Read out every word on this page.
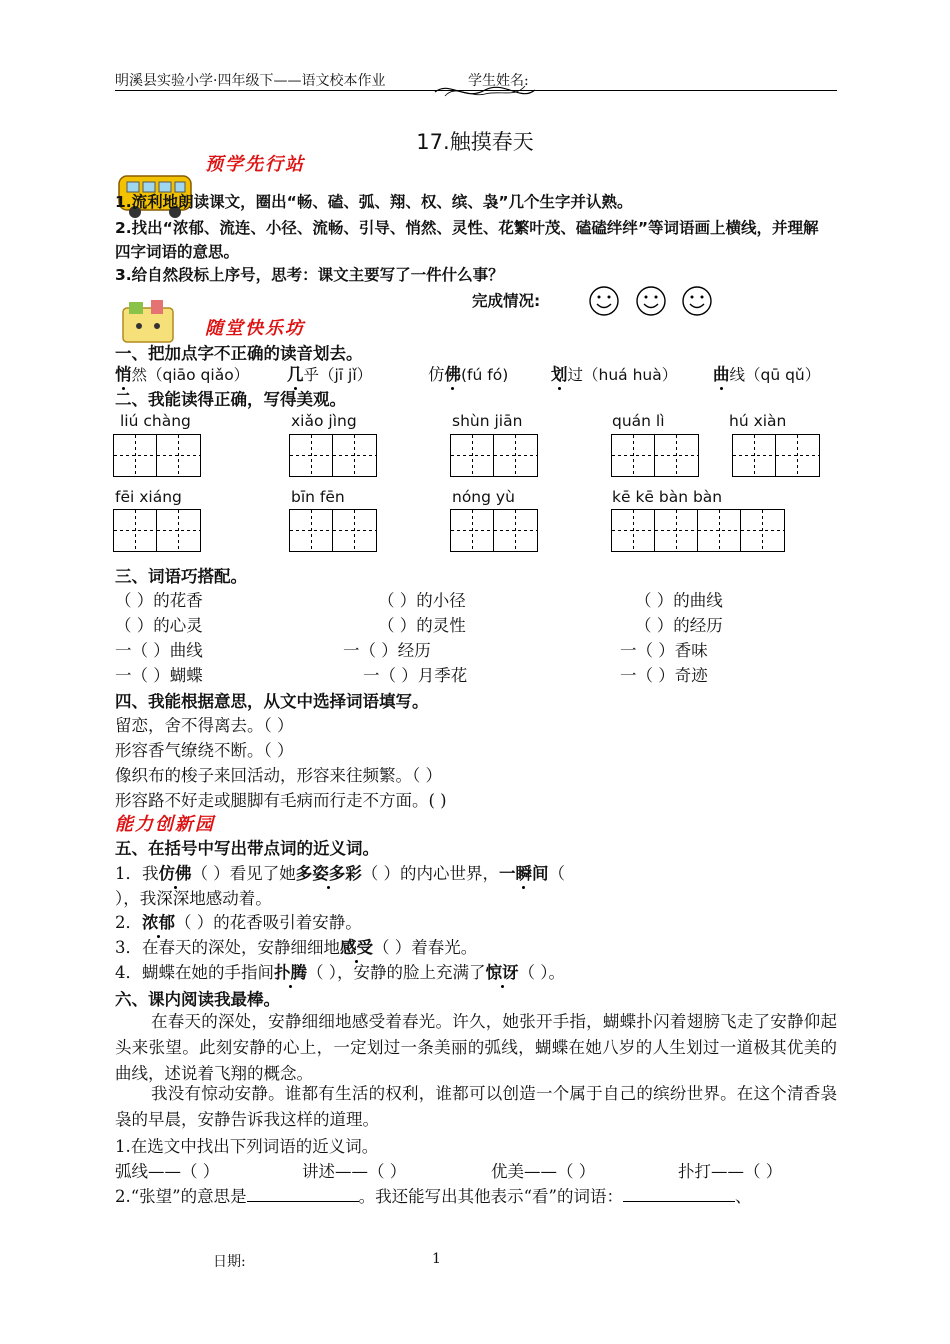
明溪县实验小学·四年级下——语文校本作业	学生姓名:
17.触摸春天
预学先行站
1.流利地朗读课文，圈出“畅、磕、弧、翔、权、缤、袅”几个生字并认熟。
2.找出“浓郁、流连、小径、流畅、引导、悄然、灵性、花繁叶茂、磕磕绊绊”等词语画上横线，并理解
四字词语的意思。
3.给自然段标上序号，思考：课文主要写了一件什么事？
完成情况:
随堂快乐坊
一、把加点字不正确的读音划去。
悄然（qiāo qiǎo） 几乎（jī jǐ）	仿佛(fú fó)	划过（huá huà） 曲线（qū qǔ）
二、我能读得正确，写得美观。
liú chàng	xiǎo jìng	shùn jiān	quán lì	hú xiàn
fēi xiáng	bīn fēn	nóng yù	kē kē bàn bàn
三、词语巧搭配。
（ ）的花香	（ ）的小径	（ ）的曲线
（ ）的心灵	（ ）的灵性	（ ）的经历
一（ ）曲线	一（ ）经历	一（ ）香味
一（ ）蝴蝶	一（ ）月季花	一（ ）奇迹
四、我能根据意思，从文中选择词语填写。
留恋，舍不得离去。（ ）
形容香气缭绕不断。（ ）
像织布的梭子来回活动，形容来往频繁。（ ）
形容路不好走或腿脚有毛病而行走不方面。( )
能力创新园
五、在括号中写出带点词的近义词。
1．我仿佛（ ）看见了她多姿多彩（ ）的内心世界，一瞬间（
），我深深地感动着。
2．浓郁（ ）的花香吸引着安静。
3．在春天的深处，安静细细地感受（ ）着春光。
4．蝴蝶在她的手指间扑腾（ ），安静的脸上充满了惊讶（ ）。
六、课内阅读我最棒。
在春天的深处，安静细细地感受着春光。许久，她张开手指，蝴蝶扑闪着翅膀飞走了安静仰起头来张望。此刻安静的心上，一定划过一条美丽的弧线，蝴蝶在她八岁的人生划过一道极其优美的曲线，述说着飞翔的概念。
我没有惊动安静。谁都有生活的权利，谁都可以创造一个属于自己的缤纷世界。在这个清香袅袅的早晨，安静告诉我这样的道理。
1.在选文中找出下列词语的近义词。
弧线——（ ）	讲述——（ ）	优美——（ ）	扑打——（ ）
2.“张望”的意思是	。我还能写出其他表示“看”的词语：	、
日期:	1
